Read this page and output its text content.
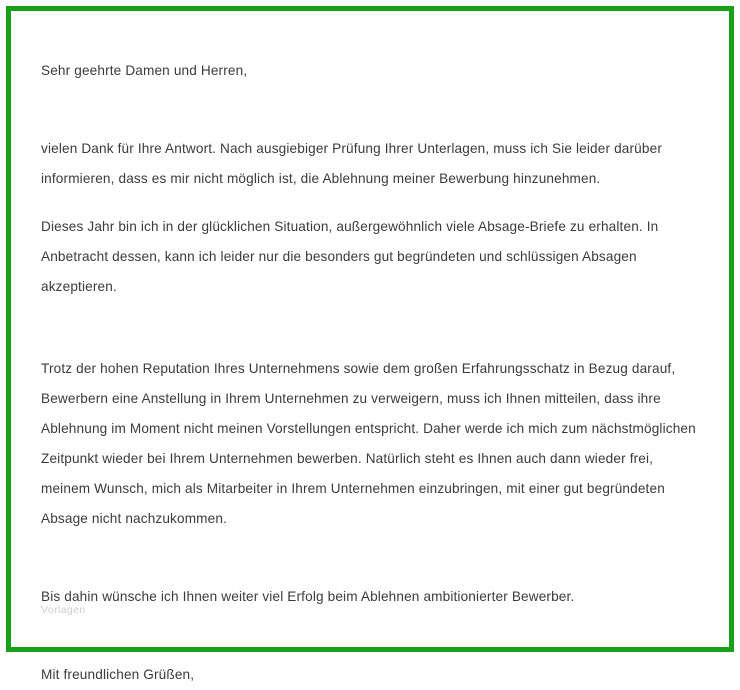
Sehr geehrte Damen und Herren,

vielen Dank für Ihre Antwort. Nach ausgiebiger Prüfung Ihrer Unterlagen, muss ich Sie leider darüber informieren, dass es mir nicht möglich ist, die Ablehnung meiner Bewerbung hinzunehmen.

Dieses Jahr bin ich in der glücklichen Situation, außergewöhnlich viele Absage-Briefe zu erhalten. In Anbetracht dessen, kann ich leider nur die besonders gut begründeten und schlüssigen Absagen akzeptieren.

Trotz der hohen Reputation Ihres Unternehmens sowie dem großen Erfahrungsschatz in Bezug darauf, Bewerbern eine Anstellung in Ihrem Unternehmen zu verweigern, muss ich Ihnen mitteilen, dass ihre Ablehnung im Moment nicht meinen Vorstellungen entspricht. Daher werde ich mich zum nächstmöglichen Zeitpunkt wieder bei Ihrem Unternehmen bewerben. Natürlich steht es Ihnen auch dann wieder frei, meinem Wunsch, mich als Mitarbeiter in Ihrem Unternehmen einzubringen, mit einer gut begründeten Absage nicht nachzukommen.

Bis dahin wünsche ich Ihnen weiter viel Erfolg beim Ablehnen ambitionierter Bewerber.

Mit freundlichen Grüßen,

Vorlagen
